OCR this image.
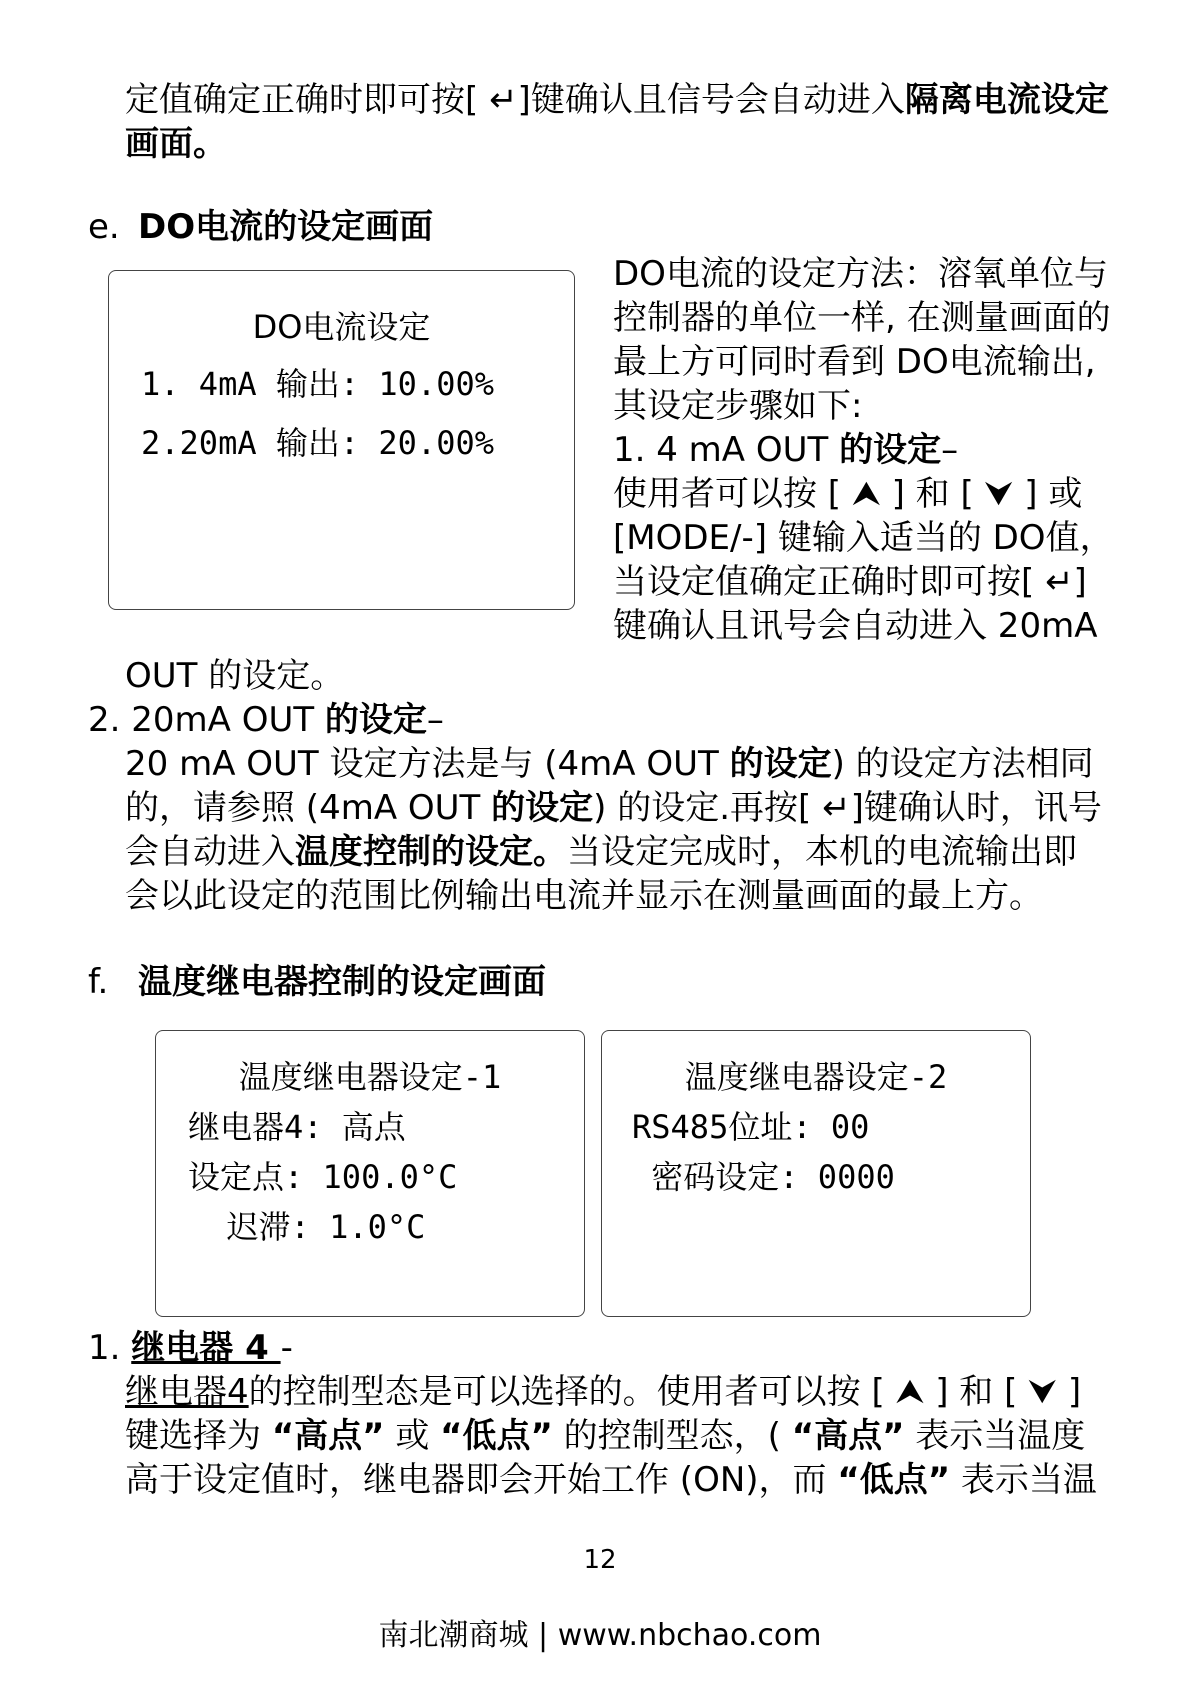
定值确定正确时即可按[ ↵]键确认且信号会自动进入隔离电流设定
画面。
e. DO电流的设定画面
DO电流设定
1. 4mA 输出: 10.00%
2.20mA 输出: 20.00%
DO电流的设定方法：溶氧单位与
控制器的单位一样, 在测量画面的
最上方可同时看到 DO电流输出,
其设定步骤如下:
1. 4 mA OUT 的设定–
使用者可以按 [ ⮝ ] 和 [ ⮟ ] 或
[MODE/-] 键输入适当的 DO值，
当设定值确定正确时即可按[ ↵]
键确认且讯号会自动进入 20mA
OUT 的设定。
2. 20mA OUT 的设定–
20 mA OUT 设定方法是与 (4mA OUT 的设定) 的设定方法相同
的，请参照 (4mA OUT 的设定) 的设定.再按[ ↵]键确认时，讯号
会自动进入温度控制的设定。当设定完成时，本机的电流输出即
会以此设定的范围比例输出电流并显示在测量画面的最上方。
f. 温度继电器控制的设定画面
温度继电器设定-1
继电器4: 高点
设定点: 100.0°C
迟滞: 1.0°C
温度继电器设定-2
RS485位址: 00
密码设定: 0000
1. 继电器 4 -
继电器4的控制型态是可以选择的。使用者可以按 [ ⮝ ] 和 [ ⮟ ]
键选择为 “高点” 或 “低点” 的控制型态，( “高点” 表示当温度
高于设定值时，继电器即会开始工作 (ON)，而 “低点” 表示当温
12
南北潮商城 | www.nbchao.com
